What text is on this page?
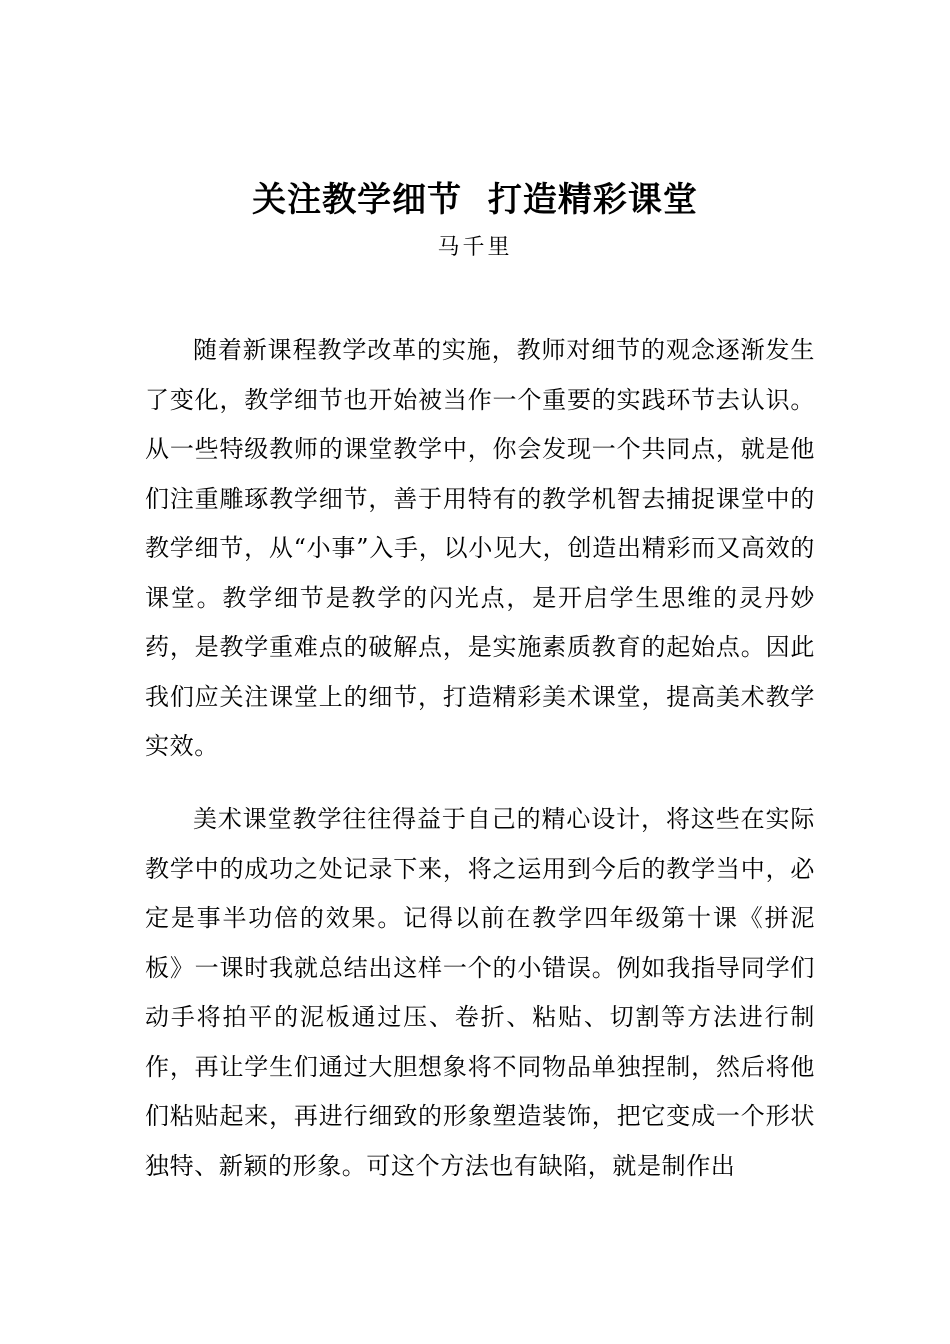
关注教学细节  打造精彩课堂
马千里

随着新课程教学改革的实施，教师对细节的观念逐渐发生了变化，教学细节也开始被当作一个重要的实践环节去认识。从一些特级教师的课堂教学中，你会发现一个共同点，就是他们注重雕琢教学细节，善于用特有的教学机智去捕捉课堂中的教学细节，从“小事”入手，以小见大，创造出精彩而又高效的课堂。教学细节是教学的闪光点，是开启学生思维的灵丹妙药，是教学重难点的破解点，是实施素质教育的起始点。因此我们应关注课堂上的细节，打造精彩美术课堂，提高美术教学实效。

美术课堂教学往往得益于自己的精心设计，将这些在实际教学中的成功之处记录下来，将之运用到今后的教学当中，必定是事半功倍的效果。记得以前在教学四年级第十课《拼泥板》一课时我就总结出这样一个的小错误。例如我指导同学们动手将拍平的泥板通过压、卷折、粘贴、切割等方法进行制作，再让学生们通过大胆想象将不同物品单独捏制，然后将他们粘贴起来，再进行细致的形象塑造装饰，把它变成一个形状独特、新颖的形象。可这个方法也有缺陷，就是制作出
